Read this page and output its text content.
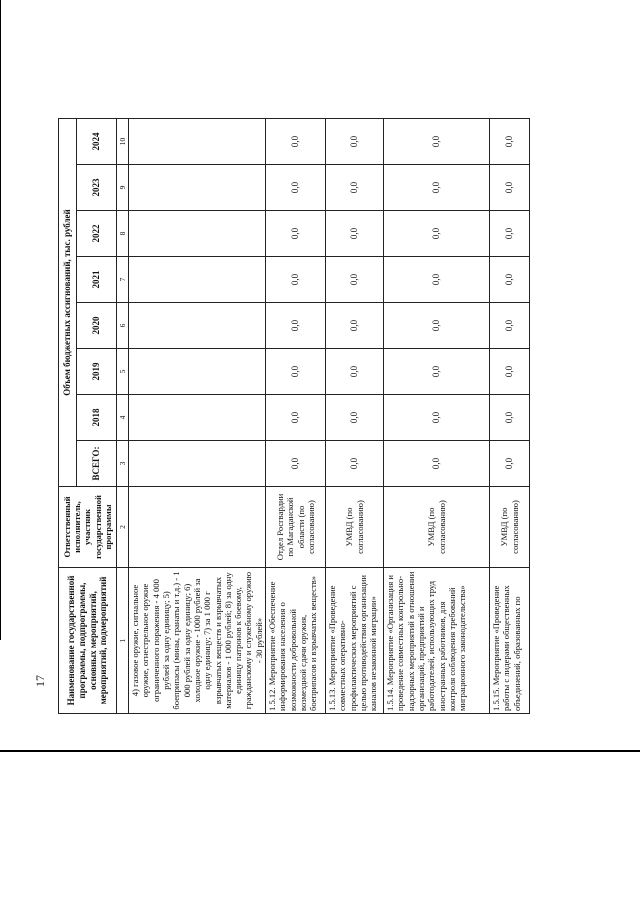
17 Наименование государственной программы, подпрограммы, основных мероприятий, мероприятий, подмероприятий	Ответственный исполнитель, участник государственной программы	Объем бюджетных ассигнований, тыс. рублей							
		ВСЕГО:	2018	2019	2020	2021	2022	2023	2024
1	2	3	4	5	6	7	8	9	10
4) газовое оружие, сигнальное оружие, огнестрельное оружие ограниченного поражения - 4 000 рублей за одну единицу; 5) боеприпасы (мины, гранаты и т.д.) - 1 000 рублей за одну единицу; 6) холодное оружие - 1000 рублей за одну единицу; 7) за 1 000 г взрывчатых веществ и взрывчатых материалов - 1 000 рублей; 8) за одну единицу патронов к боевому, гражданскому и служебному оружию - 30 рублей»									
1.5.12. Мероприятие «Обеспечение информирования населения о возможности добровольной возмездной сдачи оружия, боеприпасов и взрывчатых веществ»	Отдел Росгвардии по Магаданской области (по согласованию)	0,0	0,0	0,0	0,0	0,0	0,0	0,0	0,0
1.5.13. Мероприятие «Проведение совместных оперативно-профилактических мероприятий с целью противодействия организации каналов незаконной миграции»	УМВД (по согласованию)	0,0	0,0	0,0	0,0	0,0	0,0	0,0	0,0
1.5.14. Мероприятие «Организация и проведение совместных контрольно-надзорных мероприятий в отношении организаций, предприятий и работодателей, использующих труд иностранных работников, для контроля соблюдения требований миграционного законодательства»	УМВД (по согласованию)	0,0	0,0	0,0	0,0	0,0	0,0	0,0	0,0
1.5.15. Мероприятие «Проведение работы с лидерами общественных объединений, образованных по	УМВД (по согласованию)	0,0	0,0	0,0	0,0	0,0	0,0	0,0	0,0
